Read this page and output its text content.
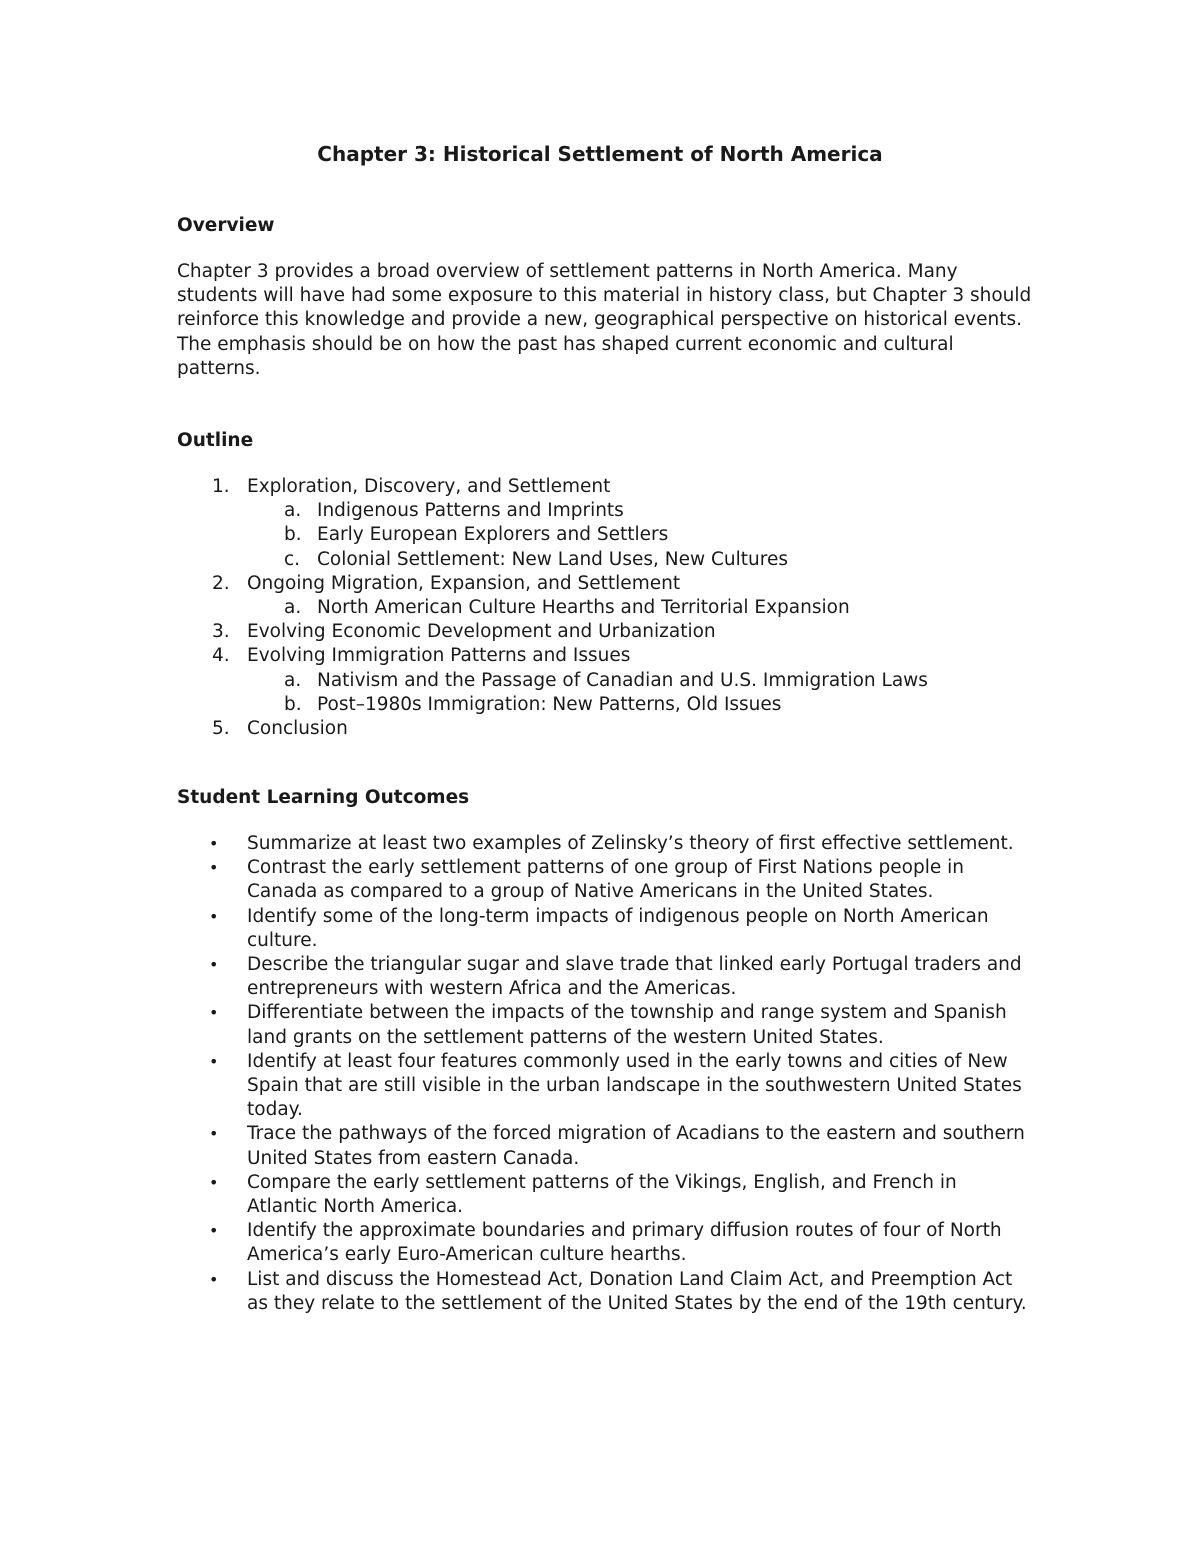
Chapter 3: Historical Settlement of North America
Overview

Chapter 3 provides a broad overview of settlement patterns in North America. Many students will have had some exposure to this material in history class, but Chapter 3 should reinforce this knowledge and provide a new, geographical perspective on historical events. The emphasis should be on how the past has shaped current economic and cultural patterns.

Outline
1. Exploration, Discovery, and Settlement
a. Indigenous Patterns and Imprints
b. Early European Explorers and Settlers
c. Colonial Settlement: New Land Uses, New Cultures
2. Ongoing Migration, Expansion, and Settlement
a. North American Culture Hearths and Territorial Expansion
3. Evolving Economic Development and Urbanization
4. Evolving Immigration Patterns and Issues
a. Nativism and the Passage of Canadian and U.S. Immigration Laws
b. Post–1980s Immigration: New Patterns, Old Issues
5. Conclusion
Student Learning Outcomes
• Summarize at least two examples of Zelinsky’s theory of first effective settlement.
• Contrast the early settlement patterns of one group of First Nations people in Canada as compared to a group of Native Americans in the United States.
• Identify some of the long-term impacts of indigenous people on North American culture.
• Describe the triangular sugar and slave trade that linked early Portugal traders and entrepreneurs with western Africa and the Americas.
• Differentiate between the impacts of the township and range system and Spanish land grants on the settlement patterns of the western United States.
• Identify at least four features commonly used in the early towns and cities of New Spain that are still visible in the urban landscape in the southwestern United States today.
• Trace the pathways of the forced migration of Acadians to the eastern and southern United States from eastern Canada.
• Compare the early settlement patterns of the Vikings, English, and French in Atlantic North America.
• Identify the approximate boundaries and primary diffusion routes of four of North America’s early Euro-American culture hearths.
• List and discuss the Homestead Act, Donation Land Claim Act, and Preemption Act as they relate to the settlement of the United States by the end of the 19th century.
